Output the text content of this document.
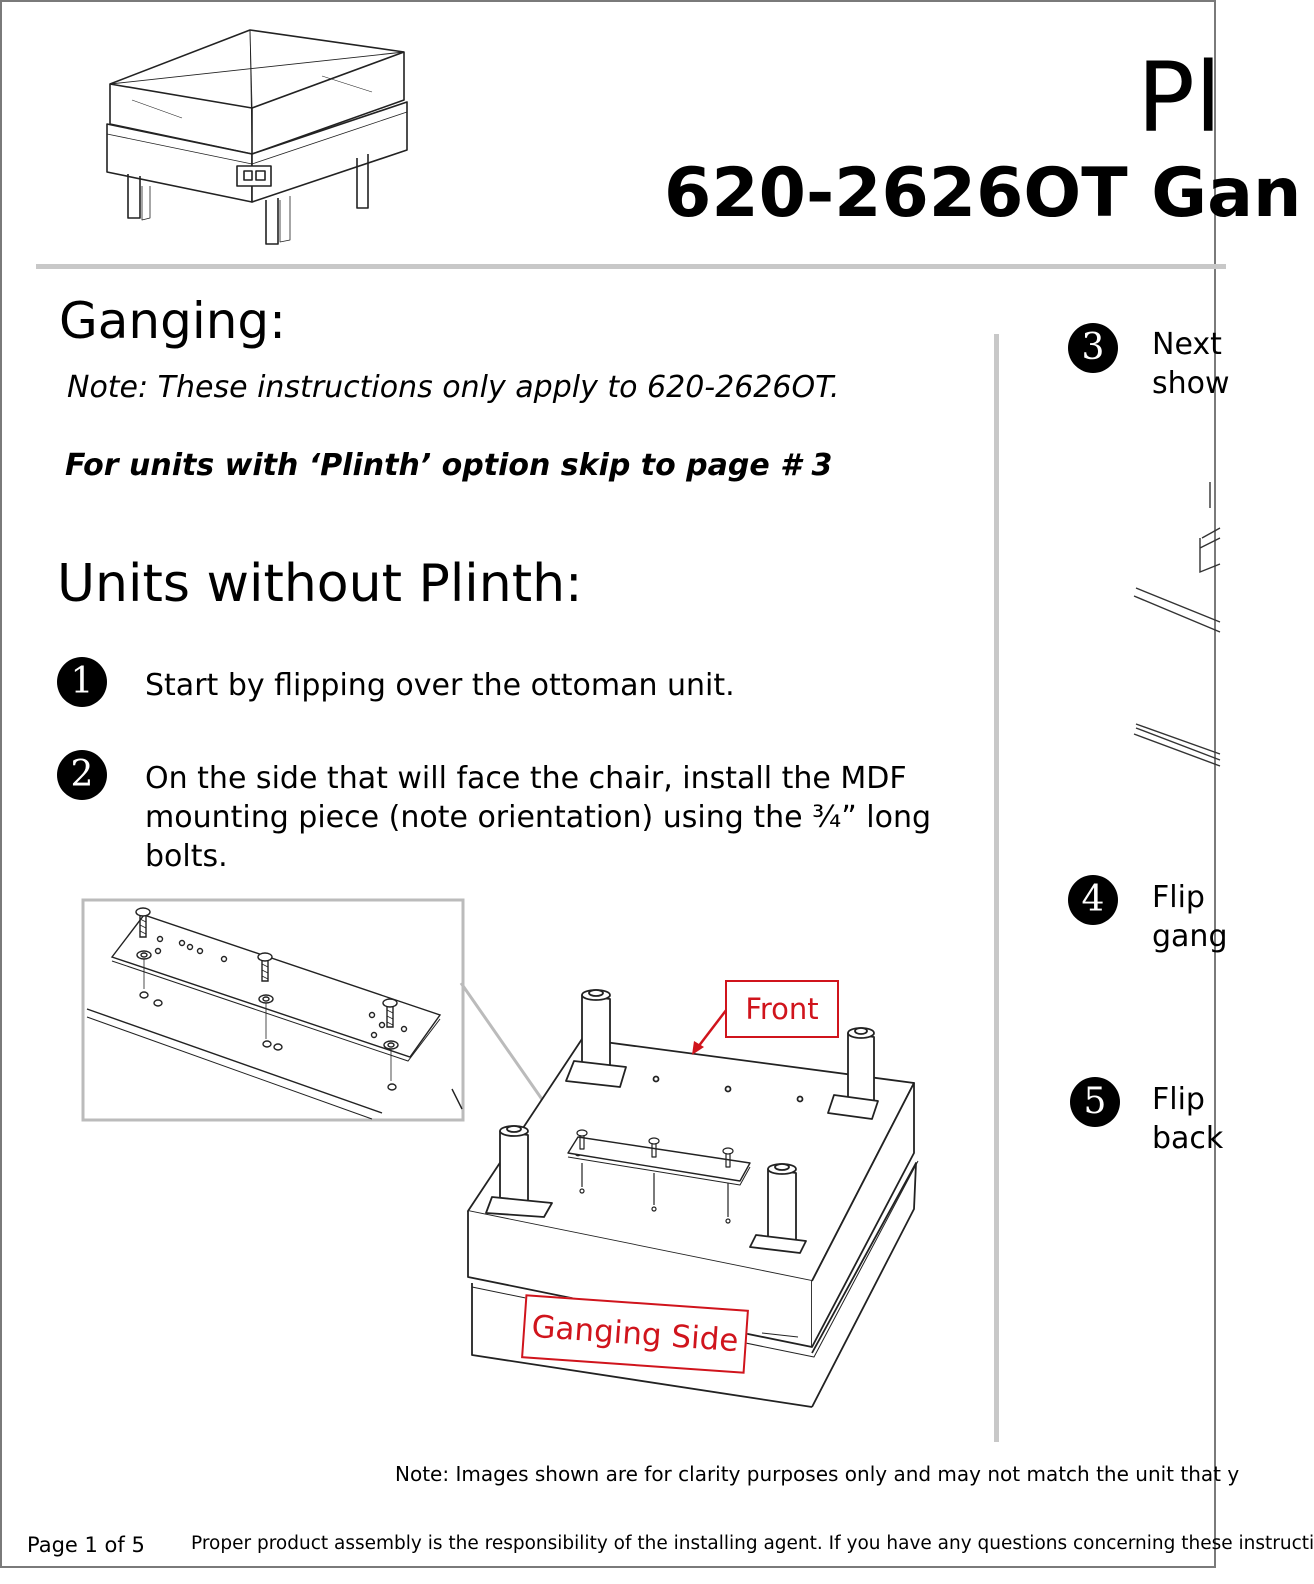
Pl
620-2626OT Gan
Ganging:
Note: These instructions only apply to 620-2626OT.
For units with ‘Plinth’ option skip to page # 3
Units without Plinth:
1	Start by flipping over the ottoman unit.
2	On the side that will face the chair, install the MDF mounting piece (note orientation) using the ¾” long bolts.
3	Next
show
4	Flip
gang
5	Flip
back
Front
Ganging Side
Note: Images shown are for clarity purposes only and may not match the unit that y
Page 1 of 5 Proper product assembly is the responsibility of the installing agent. If you have any questions concerning these instructi
